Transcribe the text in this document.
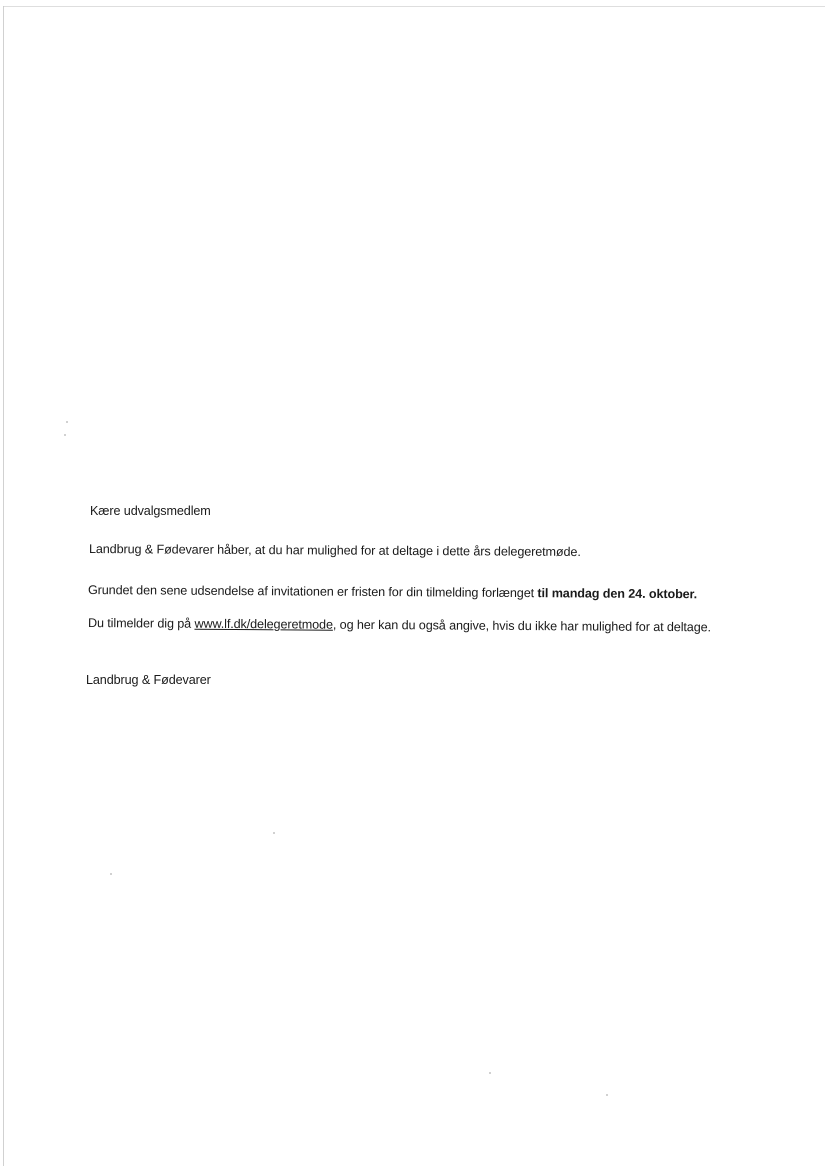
Kære udvalgsmedlem
Landbrug & Fødevarer håber, at du har mulighed for at deltage i dette års delegeretmøde.
Grundet den sene udsendelse af invitationen er fristen for din tilmelding forlænget til mandag den 24. oktober.
Du tilmelder dig på www.lf.dk/delegeretmode, og her kan du også angive, hvis du ikke har mulighed for at deltage.
Landbrug & Fødevarer
